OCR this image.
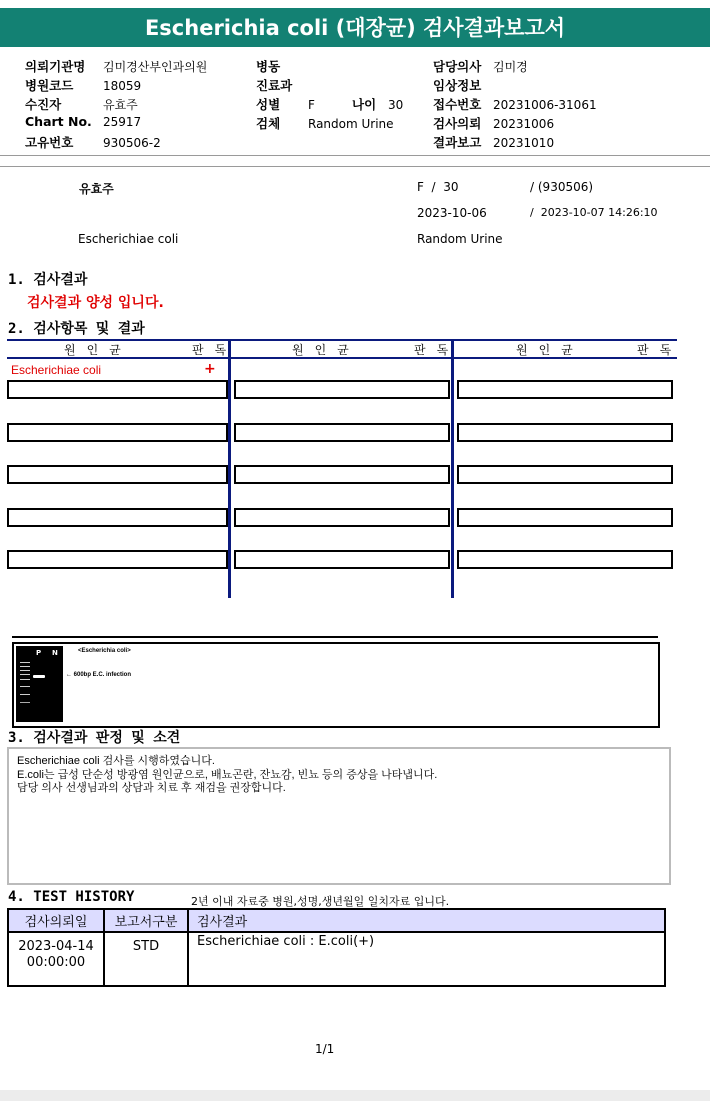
Escherichia coli (대장균) 검사결과보고서
의뢰기관명 김미경산부인과의원
병원코드 18059
수진자	유효주
Chart No. 25917
고유번호 930506-2
병동
진료과
성별 F	나이 30
검체 Random Urine
담당의사 김미경
임상정보
접수번호 20231006-31061
검사의뢰 20231006
결과보고 20231010
유효주	F / 30	/ (930506)
2023-10-06	/ 2023-10-07 14:26:10
Escherichiae coli	Random Urine
1. 검사결과
검사결과 양성 입니다.
2. 검사항목 및 결과
원인균	판독	원인균	판독	원인균	판독
Escherichiae coli	+
P N	<Escherichia coli>
← 600bp E.C. infection
3. 검사결과 판정 및 소견
Escherichiae coli 검사를 시행하였습니다.
E.coli는 급성 단순성 방광염 원인균으로, 배뇨곤란, 잔뇨감, 빈뇨 등의 증상을 나타냅니다.
담당 의사 선생님과의 상담과 치료 후 재검을 권장합니다.
4. TEST HISTORY	2년 이내 자료중 병원,성명,생년월일 일치자료 입니다.
검사의뢰일	보고서구분	검사결과

2023-04-14
00:00:00	STD	Escherichiae coli : E.coli(+)
1/1
